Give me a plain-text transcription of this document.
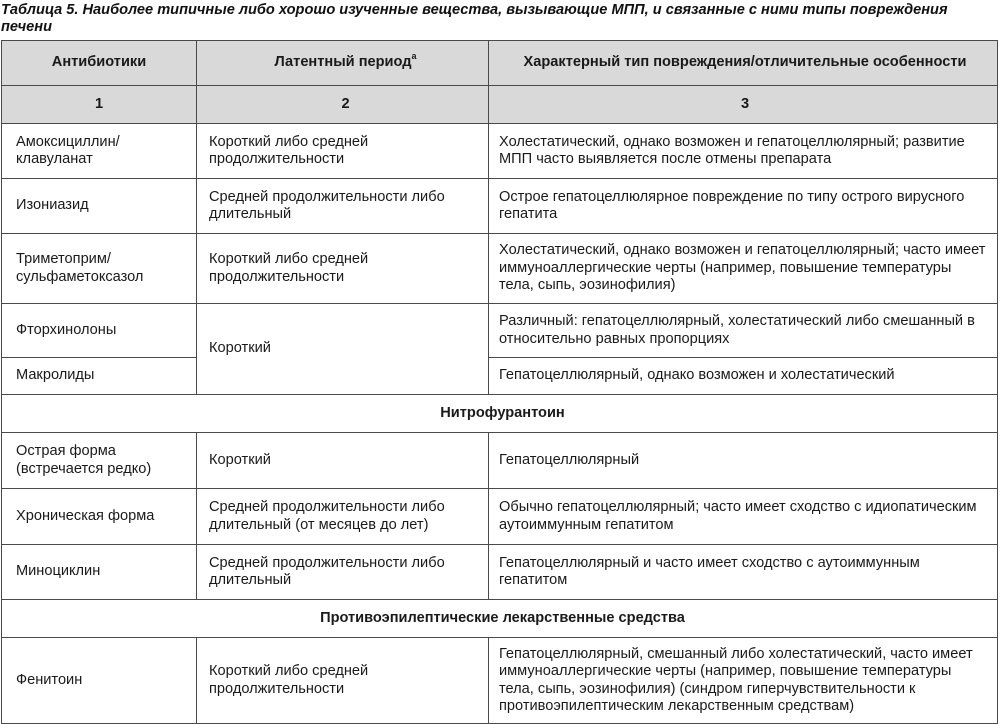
Таблица 5. Наиболее типичные либо хорошо изученные вещества, вызывающие МПП, и связанные с ними типы повреждения печени
Антибиотики	Латентный период$^а$	Характерный тип повреждения/отличительные особенности
1	2	3
Амоксициллин/клавуланат	Короткий либо средней продолжительности	Холестатический, однако возможен и гепатоцеллюлярный; развитие МПП часто выявляется после отмены препарата
Изониазид	Средней продолжительности либо длительный	Острое гепатоцеллюлярное повреждение по типу острого вирусного гепатита
Триметоприм/сульфаметоксазол	Короткий либо средней продолжительности	Холестатический, однако возможен и гепатоцеллюлярный; часто имеет иммуноаллергические черты (например, повышение температуры тела, сыпь, эозинофилия)
Фторхинолоны	Короткий	Различный: гепатоцеллюлярный, холестатический либо смешанный в относительно равных пропорциях
Макролиды		Гепатоцеллюлярный, однако возможен и холестатический
Нитрофурантоин		
Острая форма (встречается редко)	Короткий	Гепатоцеллюлярный
Хроническая форма	Средней продолжительности либо длительный (от месяцев до лет)	Обычно гепатоцеллюлярный; часто имеет сходство с идиопатическим аутоиммунным гепатитом
Миноциклин	Средней продолжительности либо длительный	Гепатоцеллюлярный и часто имеет сходство с аутоиммунным гепатитом
Противоэпилептические лекарственные средства		
Фенитоин	Короткий либо средней продолжительности	Гепатоцеллюлярный, смешанный либо холестатический, часто имеет иммуноаллергические черты (например, повышение температуры тела, сыпь, эозинофилия) (синдром гиперчувствительности к противоэпилептическим лекарственным средствам)
